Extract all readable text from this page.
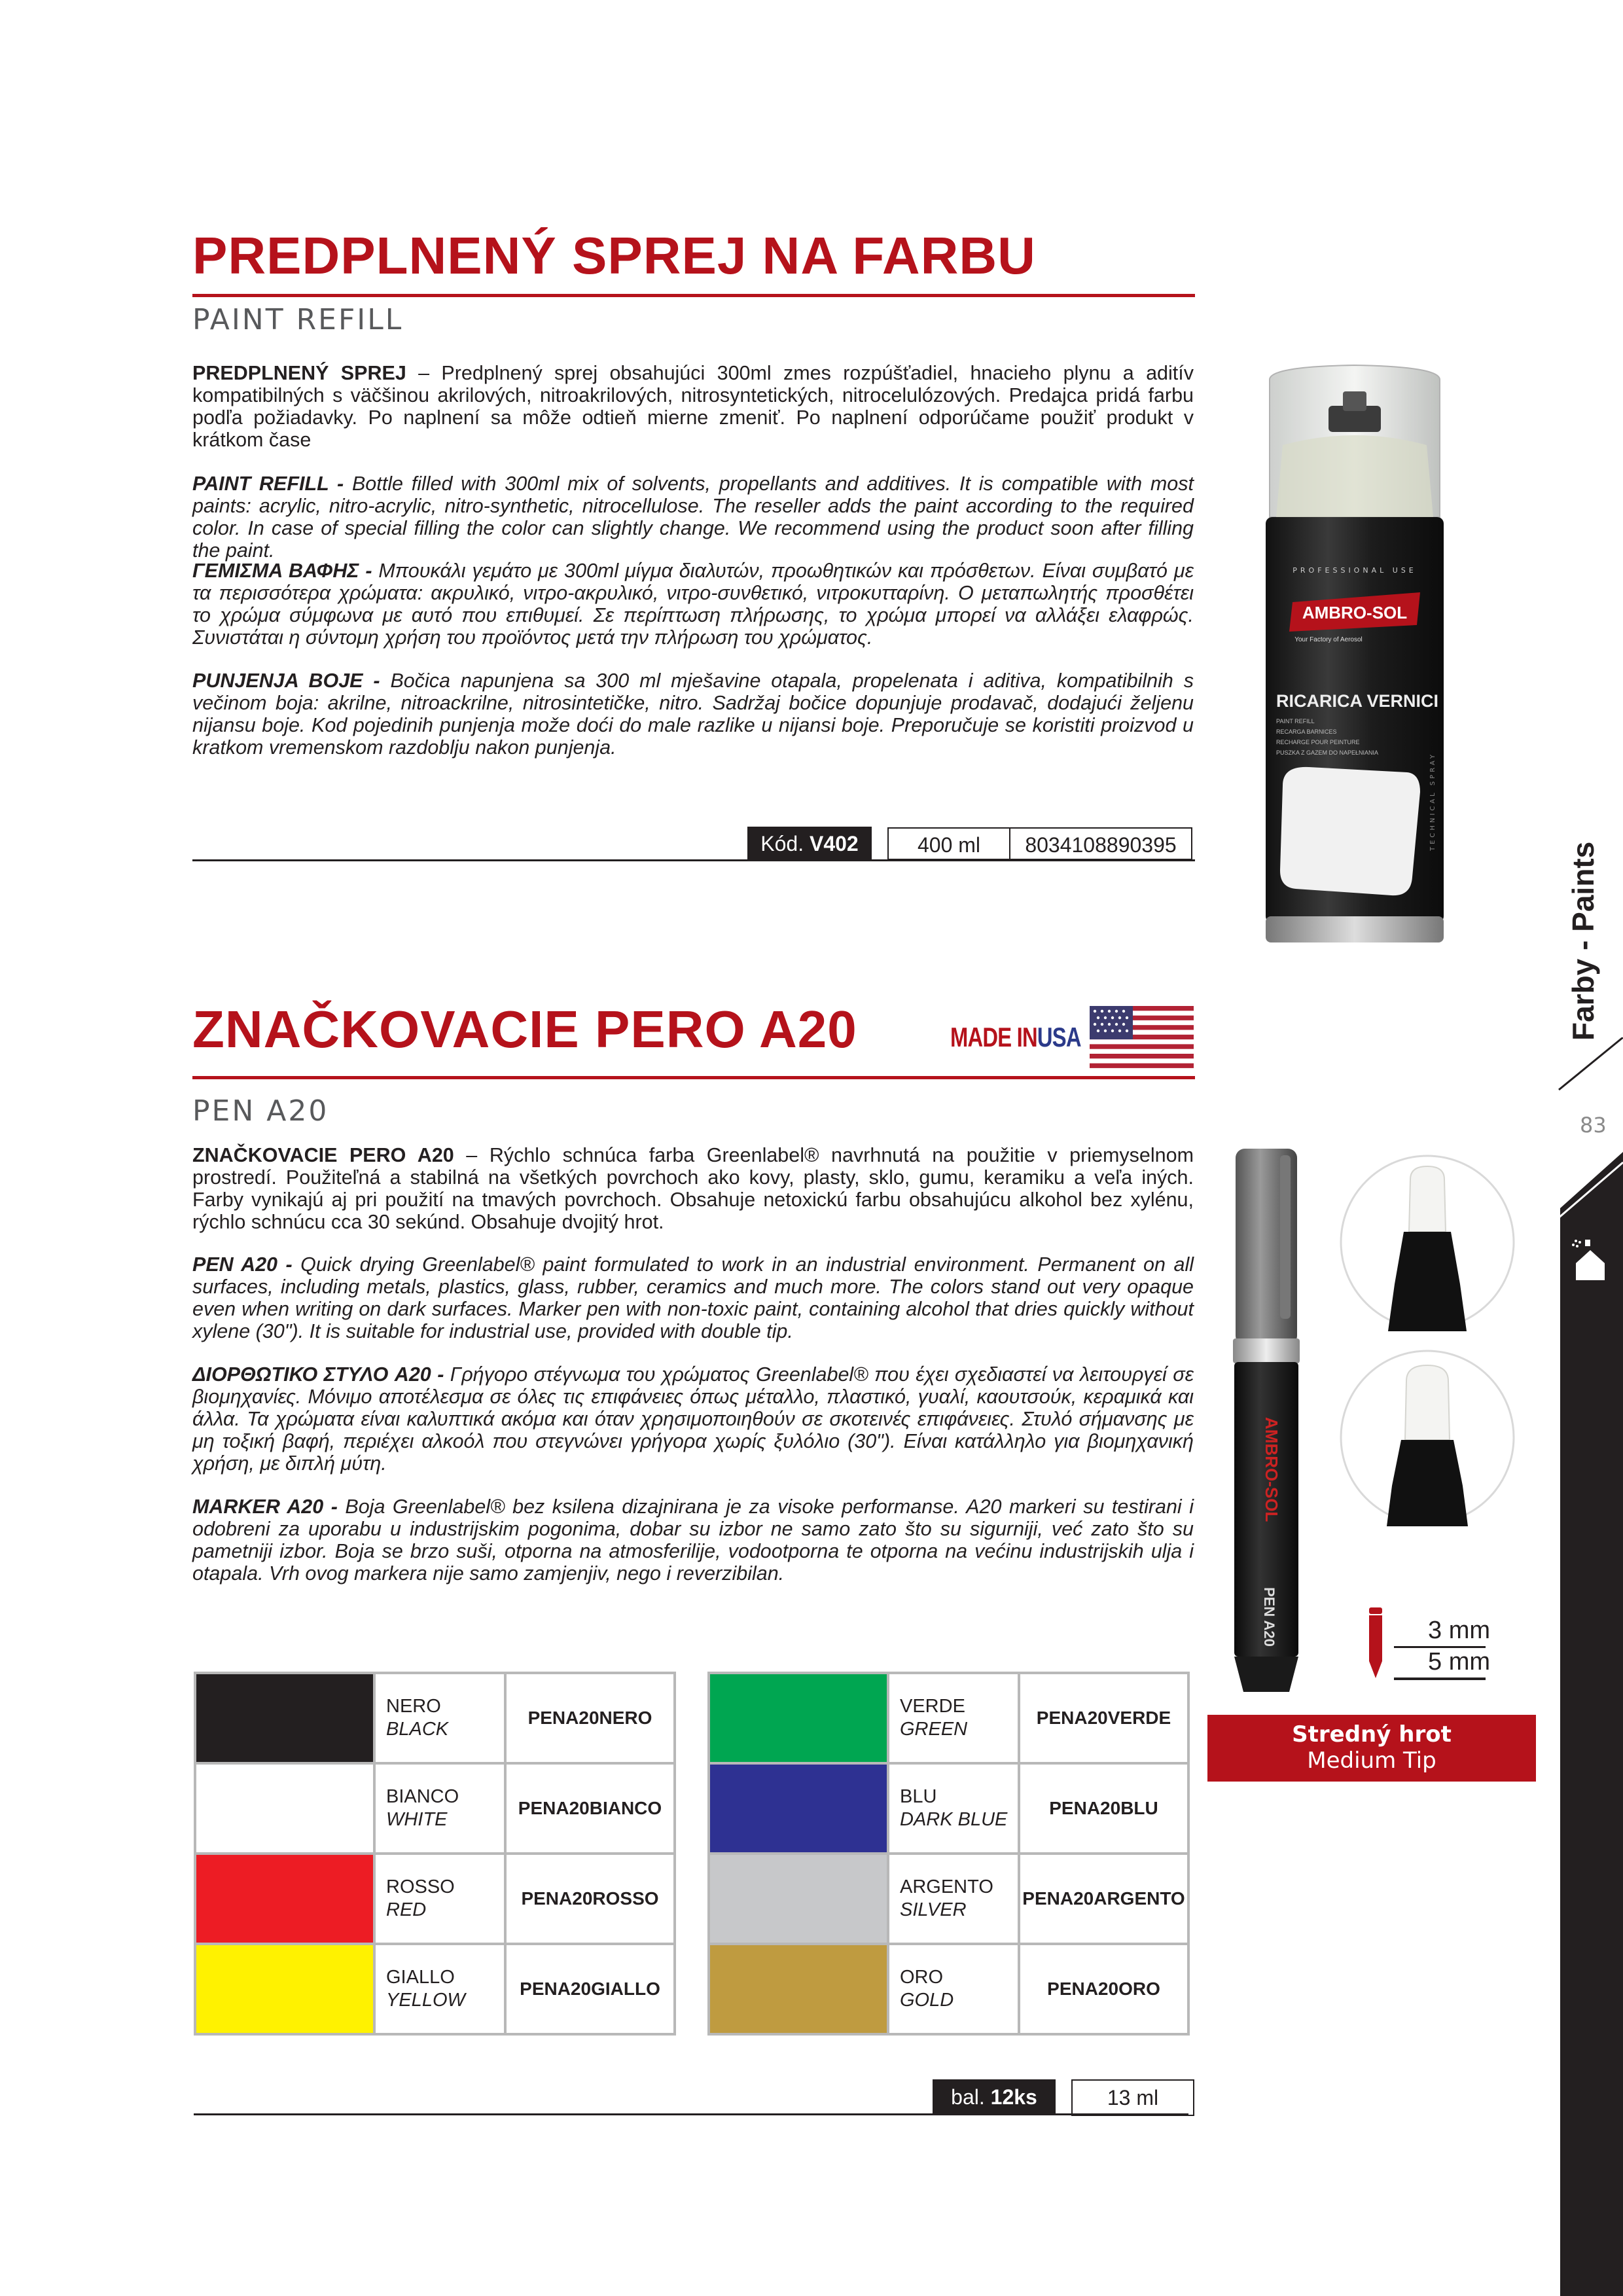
PREDPLNENÝ SPREJ NA FARBU
PAINT REFILL
PREDPLNENÝ SPREJ – Predplnený sprej obsahujúci 300ml zmes rozpúšťadiel, hnacieho plynu a aditív kompatibilných s väčšinou akrilových, nitroakrilových, nitrosyntetických, nitrocelulózových. Predajca pridá farbu podľa požiadavky. Po naplnení sa môže odtieň mierne zmeniť. Po naplnení odporúčame použiť produkt v krátkom čase
PAINT REFILL - Bottle filled with 300ml mix of solvents, propellants and additives. It is compatible with most paints: acrylic, nitro-acrylic, nitro-synthetic, nitrocellulose. The reseller adds the paint according to the required color. In case of special filling the color can slightly change. We recommend using the product soon after filling the paint.
ΓΕΜΙΣΜΑ ΒΑΦΗΣ - Μπουκάλι γεμάτο με 300ml μίγμα διαλυτών, προωθητικών και πρόσθετων. Είναι συμβατό με τα περισσότερα χρώματα: ακρυλικό, νιτρο-ακρυλικό, νιτρο-συνθετικό, νιτροκυτταρίνη. Ο μεταπωλητής προσθέτει το χρώμα σύμφωνα με αυτό που επιθυμεί. Σε περίπτωση πλήρωσης, το χρώμα μπορεί να αλλάξει ελαφρώς. Συνιστάται η σύντομη χρήση του προϊόντος μετά την πλήρωση του χρώματος.
PUNJENJA BOJE - Bočica napunjena sa 300 ml mješavine otapala, propelenata i aditiva, kompatibilnih s večinom boja: akrilne, nitroackrilne, nitrosintetičke, nitro. Sadržaj bočice dopunjuje prodavač, dodajući željenu nijansu boje. Kod pojedinih punjenja može doći do male razlike u nijansi boje. Preporučuje se koristiti proizvod u kratkom vremenskom razdoblju nakon punjenja.
Kód. V402	400 ml	8034108890395
PROFESSIONAL USE
AMBRO-SOL
Your Factory of Aerosol
RICARICA VERNICI
PAINT REFILL
RECARGA BARNICES
RECHARGE POUR PEINTURE
PUSZKA Z GAZEM DO NAPEŁNIANIA	TECHNICAL SPRAY
ZNAČKOVACIE PERO A20	MADE INUSA
PEN A20
ZNAČKOVACIE PERO A20 – Rýchlo schnúca farba Greenlabel® navrhnutá na použitie v priemyselnom prostredí. Použiteľná a stabilná na všetkých povrchoch ako kovy, plasty, sklo, gumu, keramiku a veľa iných. Farby vynikajú aj pri použití na tmavých povrchoch. Obsahuje netoxickú farbu obsahujúcu alkohol bez xylénu, rýchlo schnúcu cca 30 sekúnd. Obsahuje dvojitý hrot.
PEN A20 - Quick drying Greenlabel® paint formulated to work in an industrial environment. Permanent on all surfaces, including metals, plastics, glass, rubber, ceramics and much more. The colors stand out very opaque even when writing on dark surfaces. Marker pen with non-toxic paint, containing alcohol that dries quickly without xylene (30"). It is suitable for industrial use, provided with double tip.
ΔΙΟΡΘΩΤΙΚΟ ΣΤΥΛΟ A20 - Γρήγορο στέγνωμα του χρώματος Greenlabel® που έχει σχεδιαστεί να λειτουργεί σε βιομηχανίες. Μόνιμο αποτέλεσμα σε όλες τις επιφάνειες όπως μέταλλο, πλαστικό, γυαλί, καουτσούκ, κεραμικά και άλλα. Τα χρώματα είναι καλυπτικά ακόμα και όταν χρησιμοποιηθούν σε σκοτεινές επιφάνειες. Στυλό σήμανσης με μη τοξική βαφή, περιέχει αλκοόλ που στεγνώνει γρήγορα χωρίς ξυλόλιο (30"). Είναι κατάλληλο για βιομηχανική χρήση, με διπλή μύτη.
MARKER A20 - Boja Greenlabel® bez ksilena dizajnirana je za visoke performanse. A20 markeri su testirani i odobreni za uporabu u industrijskim pogonima, dobar su izbor ne samo zato što su sigurniji, već zato što su pametniji izbor. Boja se brzo suši, otporna na atmosferilije, vodootporna te otporna na većinu industrijskih ulja i otapala. Vrh ovog markera nije samo zamjenjiv, nego i reverzibilan.

	NERO
BLACK	PENA20NERO

	BIANCO
WHITE	PENA20BIANCO

	ROSSO
RED	PENA20ROSSO

	GIALLO
YELLOW	PENA20GIALLO

	VERDE
GREEN	PENA20VERDE

	BLU
DARK BLUE	PENA20BLU

	ARGENTO
SILVER	PENA20ARGENTO

	ORO
GOLD	PENA20ORO
bal. 12ks	13 ml
AMBRO-SOL
PEN A20	3 mm
5 mm
Stredný hrot
Medium Tip
Farby - Paints
83
